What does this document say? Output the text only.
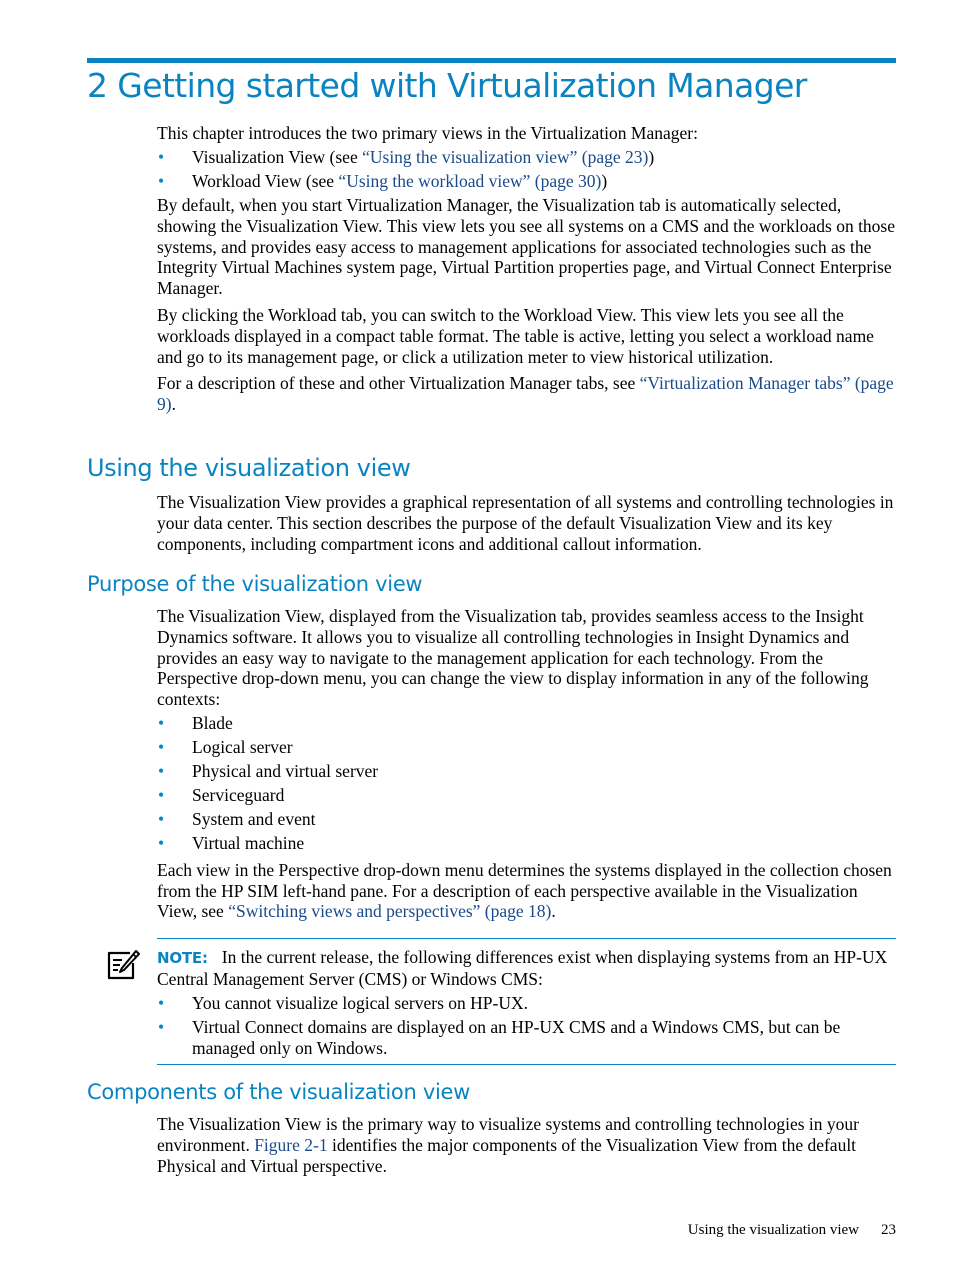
2 Getting started with Virtualization Manager

This chapter introduces the two primary views in the Virtualization Manager:

• Visualization View (see “Using the visualization view” (page 23))
• Workload View (see “Using the workload view” (page 30))

By default, when you start Virtualization Manager, the Visualization tab is automatically selected, showing the Visualization View. This view lets you see all systems on a CMS and the workloads on those systems, and provides easy access to management applications for associated technologies such as the Integrity Virtual Machines system page, Virtual Partition properties page, and Virtual Connect Enterprise Manager.

By clicking the Workload tab, you can switch to the Workload View. This view lets you see all the workloads displayed in a compact table format. The table is active, letting you select a workload name and go to its management page, or click a utilization meter to view historical utilization.

For a description of these and other Virtualization Manager tabs, see “Virtualization Manager tabs” (page 9).

Using the visualization view

The Visualization View provides a graphical representation of all systems and controlling technologies in your data center. This section describes the purpose of the default Visualization View and its key components, including compartment icons and additional callout information.

Purpose of the visualization view

The Visualization View, displayed from the Visualization tab, provides seamless access to the Insight Dynamics software. It allows you to visualize all controlling technologies in Insight Dynamics and provides an easy way to navigate to the management application for each technology. From the Perspective drop-down menu, you can change the view to display information in any of the following contexts:

• Blade
• Logical server
• Physical and virtual server
• Serviceguard
• System and event
• Virtual machine

Each view in the Perspective drop-down menu determines the systems displayed in the collection chosen from the HP SIM left-hand pane. For a description of each perspective available in the Visualization View, see “Switching views and perspectives” (page 18).

NOTE: In the current release, the following differences exist when displaying systems from an HP-UX Central Management Server (CMS) or Windows CMS:

• You cannot visualize logical servers on HP-UX.
• Virtual Connect domains are displayed on an HP-UX CMS and a Windows CMS, but can be managed only on Windows.
Components of the visualization view

The Visualization View is the primary way to visualize systems and controlling technologies in your environment. Figure 2-1 identifies the major components of the Visualization View from the default Physical and Virtual perspective.

Using the visualization view 23
